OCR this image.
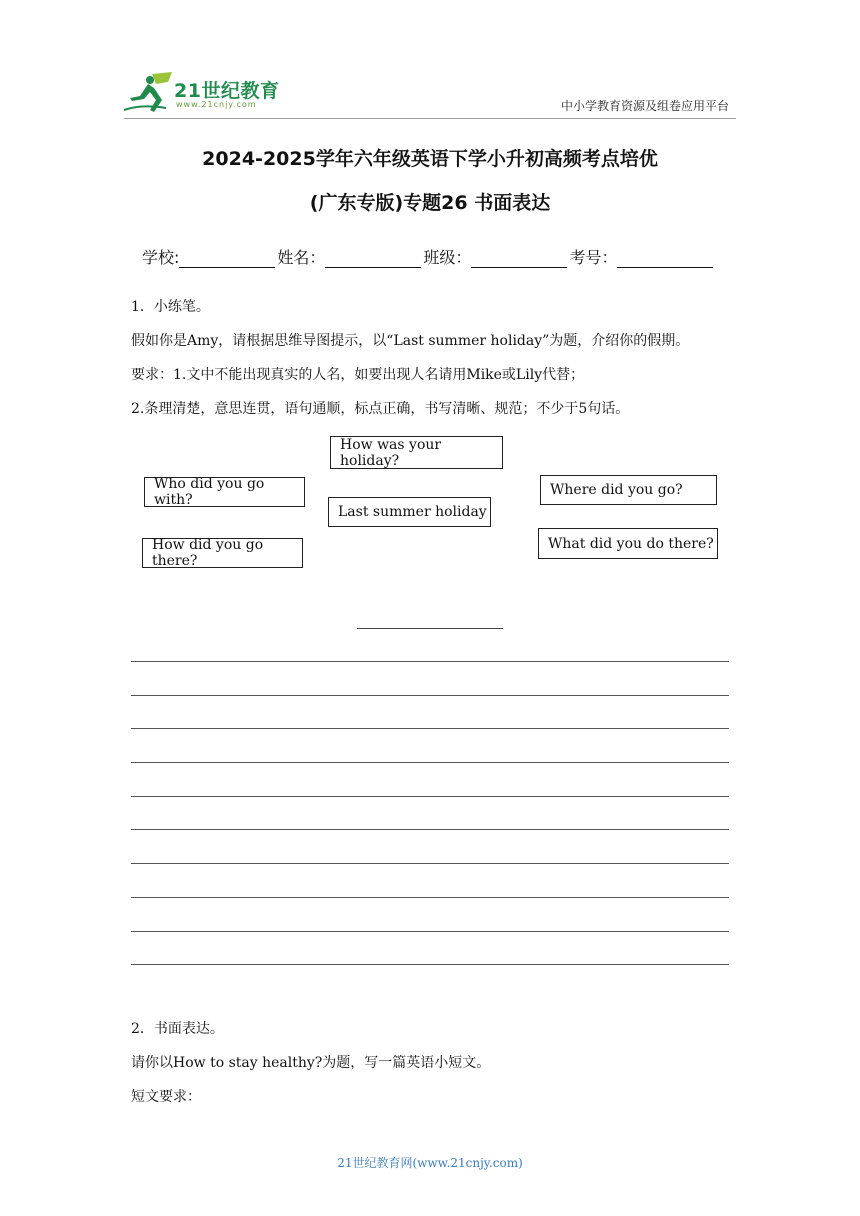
21世纪教育
www.21cnjy.com	中小学教育资源及组卷应用平台
2024-2025学年六年级英语下学小升初高频考点培优
(广东专版)专题26 书面表达
学校:	姓名：	班级：	考号：
1．小练笔。
假如你是Amy，请根据思维导图提示，以“Last summer holiday”为题，介绍你的假期。
要求：1.文中不能出现真实的人名，如要出现人名请用Mike或Lily代替；
2.条理清楚，意思连贯，语句通顺，标点正确，书写清晰、规范；不少于5句话。
How was your holiday?
Who did you go with?
Last summer holiday
Where did you go?
How did you go there?
What did you do there?
2．书面表达。
请你以How to stay healthy?为题，写一篇英语小短文。
短文要求：
21世纪教育网(www.21cnjy.com)
